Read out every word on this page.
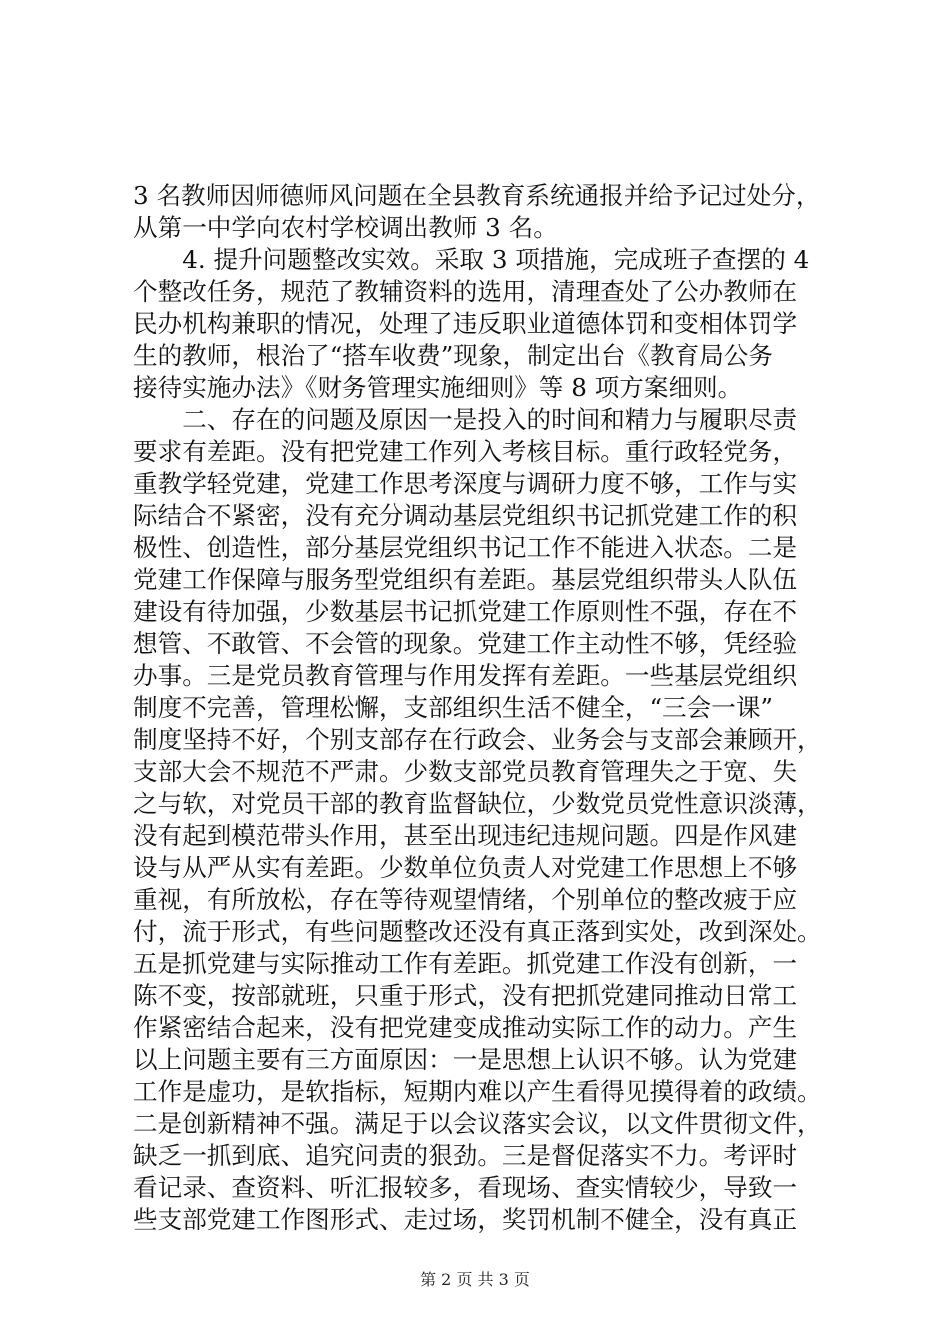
3 名教师因师德师风问题在全县教育系统通报并给予记过处分，
从第一中学向农村学校调出教师 3 名。
　　4. 提升问题整改实效。采取 3 项措施，完成班子查摆的 4
个整改任务，规范了教辅资料的选用，清理查处了公办教师在
民办机构兼职的情况，处理了违反职业道德体罚和变相体罚学
生的教师，根治了“搭车收费”现象，制定出台《教育局公务
接待实施办法》《财务管理实施细则》等 8 项方案细则。
　　二、存在的问题及原因一是投入的时间和精力与履职尽责
要求有差距。没有把党建工作列入考核目标。重行政轻党务，
重教学轻党建，党建工作思考深度与调研力度不够，工作与实
际结合不紧密，没有充分调动基层党组织书记抓党建工作的积
极性、创造性，部分基层党组织书记工作不能进入状态。二是
党建工作保障与服务型党组织有差距。基层党组织带头人队伍
建设有待加强，少数基层书记抓党建工作原则性不强，存在不
想管、不敢管、不会管的现象。党建工作主动性不够，凭经验
办事。三是党员教育管理与作用发挥有差距。一些基层党组织
制度不完善，管理松懈，支部组织生活不健全，“三会一课”
制度坚持不好，个别支部存在行政会、业务会与支部会兼顾开，
支部大会不规范不严肃。少数支部党员教育管理失之于宽、失
之与软，对党员干部的教育监督缺位，少数党员党性意识淡薄，
没有起到模范带头作用，甚至出现违纪违规问题。四是作风建
设与从严从实有差距。少数单位负责人对党建工作思想上不够
重视，有所放松，存在等待观望情绪，个别单位的整改疲于应
付，流于形式，有些问题整改还没有真正落到实处，改到深处。
五是抓党建与实际推动工作有差距。抓党建工作没有创新，一
陈不变，按部就班，只重于形式，没有把抓党建同推动日常工
作紧密结合起来，没有把党建变成推动实际工作的动力。产生
以上问题主要有三方面原因：一是思想上认识不够。认为党建
工作是虚功，是软指标，短期内难以产生看得见摸得着的政绩。
二是创新精神不强。满足于以会议落实会议，以文件贯彻文件，
缺乏一抓到底、追究问责的狠劲。三是督促落实不力。考评时
看记录、查资料、听汇报较多，看现场、查实情较少，导致一
些支部党建工作图形式、走过场，奖罚机制不健全，没有真正
第 2 页 共 3 页
